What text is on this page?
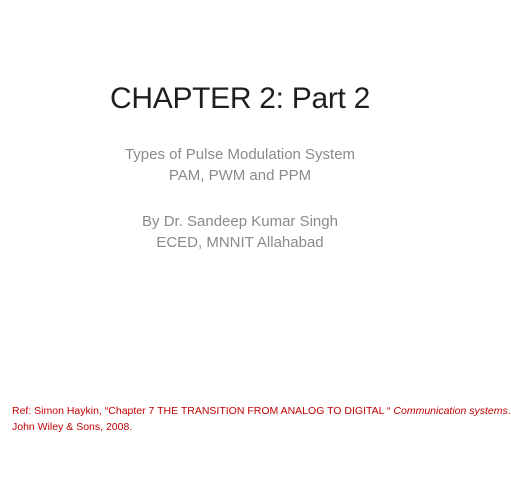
CHAPTER 2: Part 2
Types of Pulse Modulation System
PAM, PWM and PPM
By Dr. Sandeep Kumar Singh
ECED, MNNIT Allahabad
Ref: Simon Haykin, “Chapter 7 THE TRANSITION FROM ANALOG TO DIGITAL “ Communication systems.
John Wiley & Sons, 2008.
